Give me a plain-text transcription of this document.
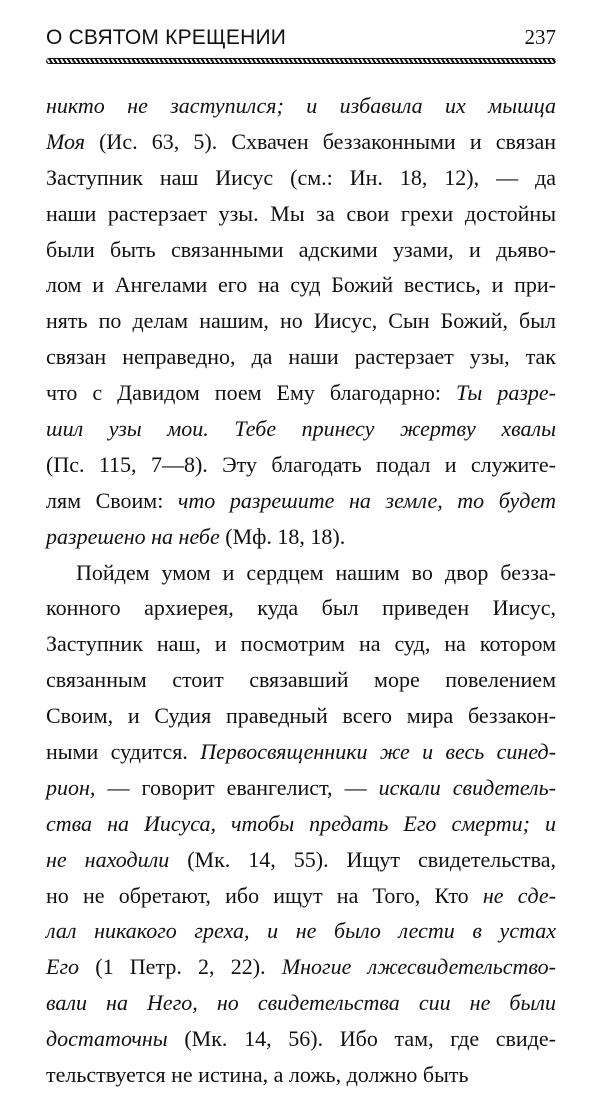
О СВЯТОМ КРЕЩЕНИИ	237
никто не заступился; и избавила их мышца
Моя (Ис. 63, 5). Схвачен беззаконными и связан
Заступник наш Иисус (см.: Ин. 18, 12), — да
наши растерзает узы. Мы за свои грехи достойны
были быть связанными адскими узами, и дьяво-
лом и Ангелами его на суд Божий вестись, и при-
нять по делам нашим, но Иисус, Сын Божий, был
связан неправедно, да наши растерзает узы, так
что с Давидом поем Ему благодарно: Ты разре-
шил узы мои. Тебе принесу жертву хвалы
(Пс. 115, 7—8). Эту благодать подал и служите-
лям Своим: что разрешите на земле, то будет
разрешено на небе (Мф. 18, 18).
Пойдем умом и сердцем нашим во двор безза-
конного архиерея, куда был приведен Иисус,
Заступник наш, и посмотрим на суд, на котором
связанным стоит связавший море повелением
Своим, и Судия праведный всего мира беззакон-
ными судится. Первосвященники же и весь синед-
рион, — говорит евангелист, — искали свидетель-
ства на Иисуса, чтобы предать Его смерти; и
не находили (Мк. 14, 55). Ищут свидетельства,
но не обретают, ибо ищут на Того, Кто не сде-
лал никакого греха, и не было лести в устах
Его (1 Петр. 2, 22). Многие лжесвидетельство-
вали на Него, но свидетельства сии не были
достаточны (Мк. 14, 56). Ибо там, где свиде-
тельствуется не истина, а ложь, должно быть
